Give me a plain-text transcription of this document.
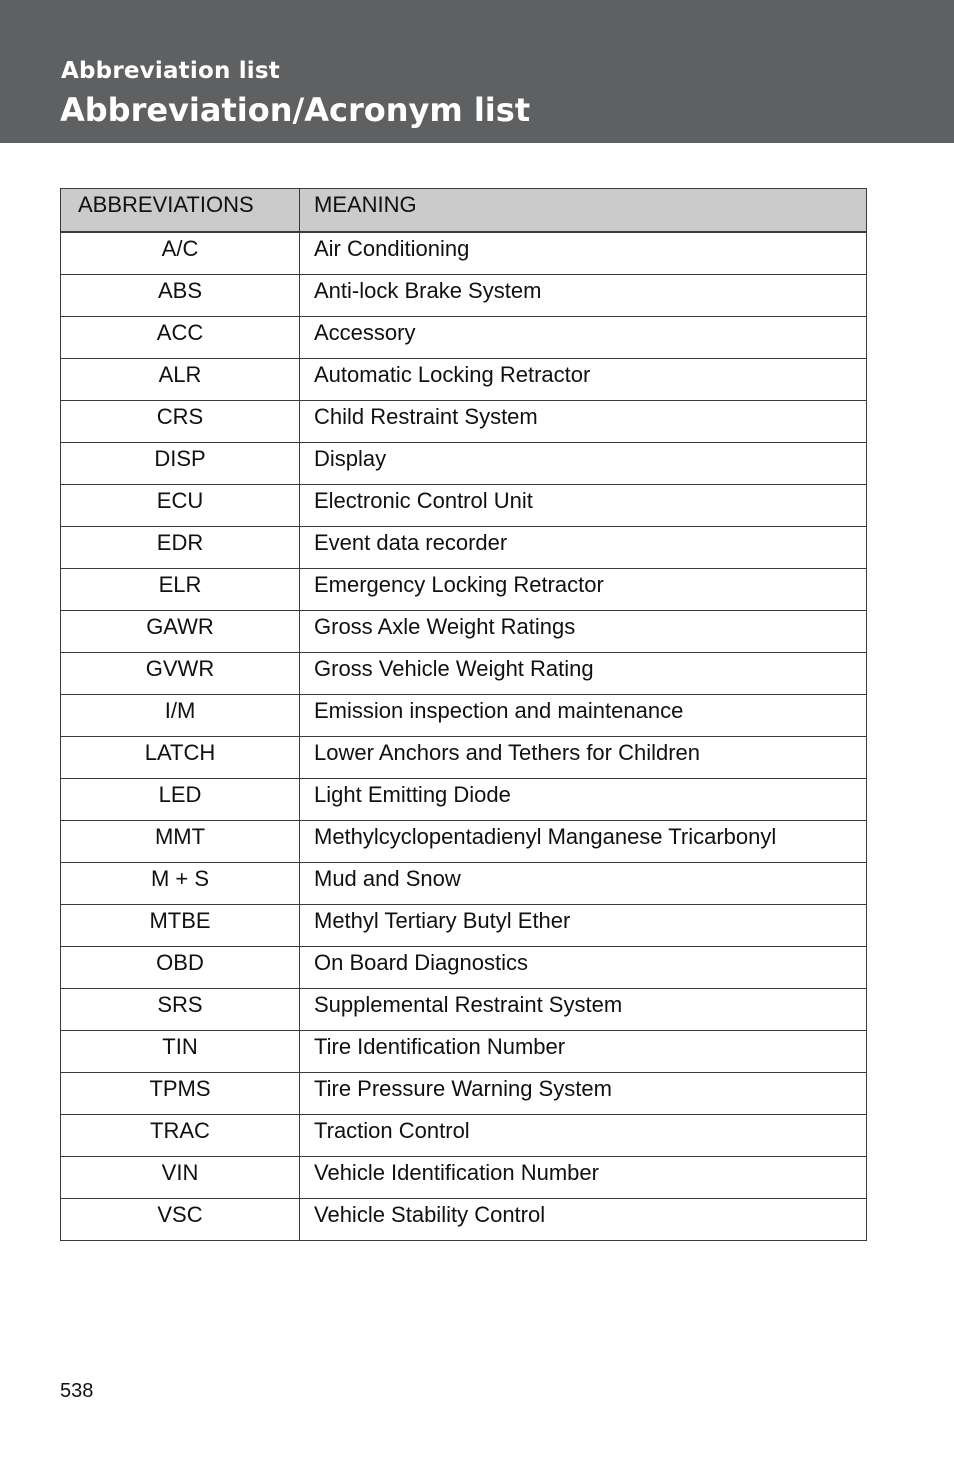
Abbreviation list
Abbreviation/Acronym list
ABBREVIATIONS	MEANING
A/C	Air Conditioning
ABS	Anti-lock Brake System
ACC	Accessory
ALR	Automatic Locking Retractor
CRS	Child Restraint System
DISP	Display
ECU	Electronic Control Unit
EDR	Event data recorder
ELR	Emergency Locking Retractor
GAWR	Gross Axle Weight Ratings
GVWR	Gross Vehicle Weight Rating
I/M	Emission inspection and maintenance
LATCH	Lower Anchors and Tethers for Children
LED	Light Emitting Diode
MMT	Methylcyclopentadienyl Manganese Tricarbonyl
M + S	Mud and Snow
MTBE	Methyl Tertiary Butyl Ether
OBD	On Board Diagnostics
SRS	Supplemental Restraint System
TIN	Tire Identification Number
TPMS	Tire Pressure Warning System
TRAC	Traction Control
VIN	Vehicle Identification Number
VSC	Vehicle Stability Control
538
